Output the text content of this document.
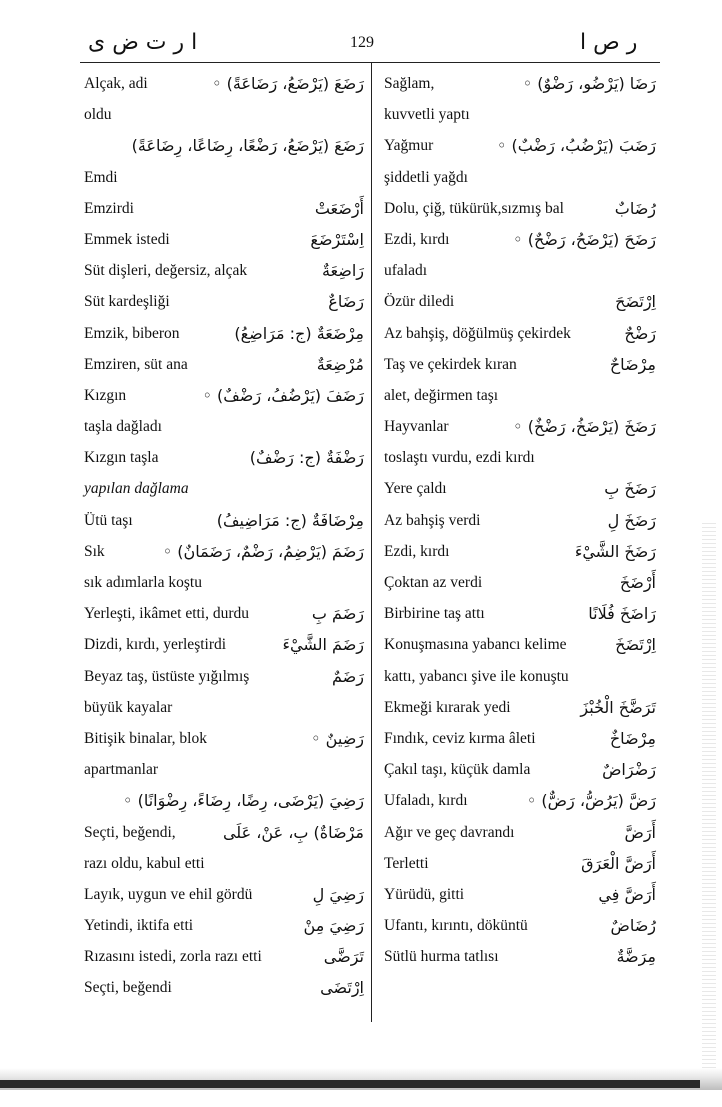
ا ر ت ض ی	129	ر ص ا
Alçak, adi	رَضَعَ (يَرْضَعُ، رَضَاعَةً) ◦
oldu
رَضَعَ (يَرْضَعُ، رَضْعًا، رِضَاعًا، رِضَاعَةً)
Emdi
Emzirdi	أَرْضَعَتْ
Emmek istedi	اِسْتَرْضَعَ
Süt dişleri, değersiz, alçak	رَاضِعَةٌ
Süt kardeşliği	رَضَاعٌ
Emzik, biberon	مِرْضَعَةٌ (ج: مَرَاضِعُ)
Emziren, süt ana	مُرْضِعَةٌ
Kızgın	رَضَفَ (يَرْضُفُ، رَضْفٌ) ◦
taşla dağladı
Kızgın taşla	رَضْفَةٌ (ج: رَضْفٌ)
yapılan dağlama
Ütü taşı	مِرْضَافَةٌ (ج: مَرَاضِيفُ)
Sık	رَضَمَ (يَرْضِمُ، رَضْمٌ، رَضَمَانٌ) ◦
sık adımlarla koştu
Yerleşti, ikâmet etti, durdu	رَضَمَ بِ
Dizdi, kırdı, yerleştirdi	رَضَمَ الشَّيْءَ
Beyaz taş, üstüste yığılmış	رَضَمٌ
büyük kayalar
Bitişik binalar, blok	رَضِينٌ ◦
apartmanlar
رَضِيَ (يَرْضَى، رِضًا، رِضَاءً، رِضْوَانًا) ◦
Seçti, beğendi,	مَرْضَاةٌ) بِ، عَنْ، عَلَى
razı oldu, kabul etti
Layık, uygun ve ehil gördü	رَضِيَ لِ
Yetindi, iktifa etti	رَضِيَ مِنْ
Rızasını istedi, zorla razı etti	تَرَضَّى
Seçti, beğendi	اِرْتَضَى
Sağlam,	رَضَا (يَرْضُو، رَضْوٌ) ◦
kuvvetli yaptı
Yağmur	رَضَبَ (يَرْضُبُ، رَضْبٌ) ◦
şiddetli yağdı
Dolu, çiğ, tükürük,sızmış bal	رُضَابٌ
Ezdi, kırdı	رَضَحَ (يَرْضَحُ، رَضْحٌ) ◦
ufaladı
Özür diledi	اِرْتَضَحَ
Az bahşiş, döğülmüş çekirdek	رَضْحٌ
Taş ve çekirdek kıran	مِرْضَاحٌ
alet, değirmen taşı
Hayvanlar	رَضَخَ (يَرْضَخُ، رَضْخٌ) ◦
toslaştı vurdu, ezdi kırdı
Yere çaldı	رَضَخَ بِ
Az bahşiş verdi	رَضَخَ لِ
Ezdi, kırdı	رَضَخَ الشَّيْءَ
Çoktan az verdi	أَرْضَخَ
Birbirine taş attı	رَاضَخَ فُلَانًا
Konuşmasına yabancı kelime	اِرْتَضَخَ
kattı, yabancı şive ile konuştu
Ekmeği kırarak yedi	تَرَضَّخَ الْخُبْزَ
Fındık, ceviz kırma âleti	مِرْضَاخٌ
Çakıl taşı, küçük damla	رَضْرَاضٌ
Ufaladı, kırdı	رَضَّ (يَرُضُّ، رَضٌّ) ◦
Ağır ve geç davrandı	أَرَضَّ
Terletti	أَرَضَّ الْعَرَقَ
Yürüdü, gitti	أَرَضَّ فِي
Ufantı, kırıntı, döküntü	رُضَاضٌ
Sütlü hurma tatlısı	مِرَضَّةٌ
